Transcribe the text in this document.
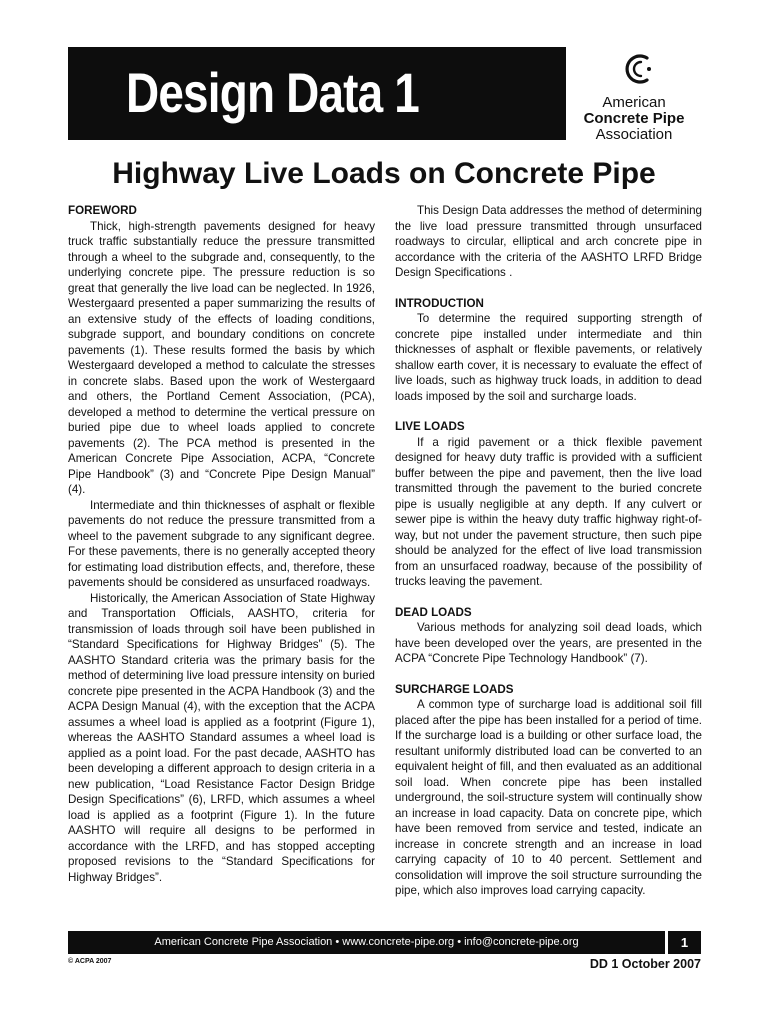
Design Data 1	American
Concrete Pipe
Association
Highway Live Loads on Concrete Pipe
FOREWORD

Thick, high-strength pavements designed for heavy truck traffic substantially reduce the pressure transmitted through a wheel to the subgrade and, consequently, to the underlying concrete pipe. The pressure reduction is so great that generally the live load can be neglected. In 1926, Westergaard presented a paper summarizing the results of an extensive study of the effects of loading conditions, subgrade support, and boundary conditions on concrete pavements (1). These results formed the basis by which Westergaard developed a method to calculate the stresses in concrete slabs. Based upon the work of Westergaard and others, the Portland Cement Association, (PCA), developed a method to determine the vertical pressure on buried pipe due to wheel loads applied to concrete pavements (2). The PCA method is presented in the American Concrete Pipe Association, ACPA, “Concrete Pipe Handbook” (3) and “Concrete Pipe Design Manual” (4).

Intermediate and thin thicknesses of asphalt or flexible pavements do not reduce the pressure transmitted from a wheel to the pavement subgrade to any significant degree. For these pavements, there is no generally accepted theory for estimating load distribution effects, and, therefore, these pavements should be considered as unsurfaced roadways.

Historically, the American Association of State Highway and Transportation Officials, AASHTO, criteria for transmission of loads through soil have been published in “Standard Specifications for Highway Bridges” (5). The AASHTO Standard criteria was the primary basis for the method of determining live load pressure intensity on buried concrete pipe presented in the ACPA Handbook (3) and the ACPA Design Manual (4), with the exception that the ACPA assumes a wheel load is applied as a footprint (Figure 1), whereas the AASHTO Standard assumes a wheel load is applied as a point load. For the past decade, AASHTO has been developing a different approach to design criteria in a new publication, “Load Resistance Factor Design Bridge Design Specifications” (6), LRFD, which assumes a wheel load is applied as a footprint (Figure 1). In the future AASHTO will require all designs to be performed in accordance with the LRFD, and has stopped accepting proposed revisions to the “Standard Specifications for Highway Bridges”.

This Design Data addresses the method of determining the live load pressure transmitted through unsurfaced roadways to circular, elliptical and arch concrete pipe in accordance with the criteria of the AASHTO LRFD Bridge Design Specifications .

INTRODUCTION

To determine the required supporting strength of concrete pipe installed under intermediate and thin thicknesses of asphalt or flexible pavements, or relatively shallow earth cover, it is necessary to evaluate the effect of live loads, such as highway truck loads, in addition to dead loads imposed by the soil and surcharge loads.

LIVE LOADS

If a rigid pavement or a thick flexible pavement designed for heavy duty traffic is provided with a sufficient buffer between the pipe and pavement, then the live load transmitted through the pavement to the buried concrete pipe is usually negligible at any depth. If any culvert or sewer pipe is within the heavy duty traffic highway right-of-way, but not under the pavement structure, then such pipe should be analyzed for the effect of live load transmission from an unsurfaced roadway, because of the possibility of trucks leaving the pavement.

DEAD LOADS

Various methods for analyzing soil dead loads, which have been developed over the years, are presented in the ACPA “Concrete Pipe Technology Handbook” (7).

SURCHARGE LOADS

A common type of surcharge load is additional soil fill placed after the pipe has been installed for a period of time. If the surcharge load is a building or other surface load, the resultant uniformly distributed load can be converted to an equivalent height of fill, and then evaluated as an additional soil load. When concrete pipe has been installed underground, the soil-structure system will continually show an increase in load capacity. Data on concrete pipe, which have been removed from service and tested, indicate an increase in concrete strength and an increase in load carrying capacity of 10 to 40 percent. Settlement and consolidation will improve the soil structure surrounding the pipe, which also improves load carrying capacity.

American Concrete Pipe Association • www.concrete-pipe.org • info@concrete-pipe.org	1
© ACPA 2007	DD 1 October 2007
